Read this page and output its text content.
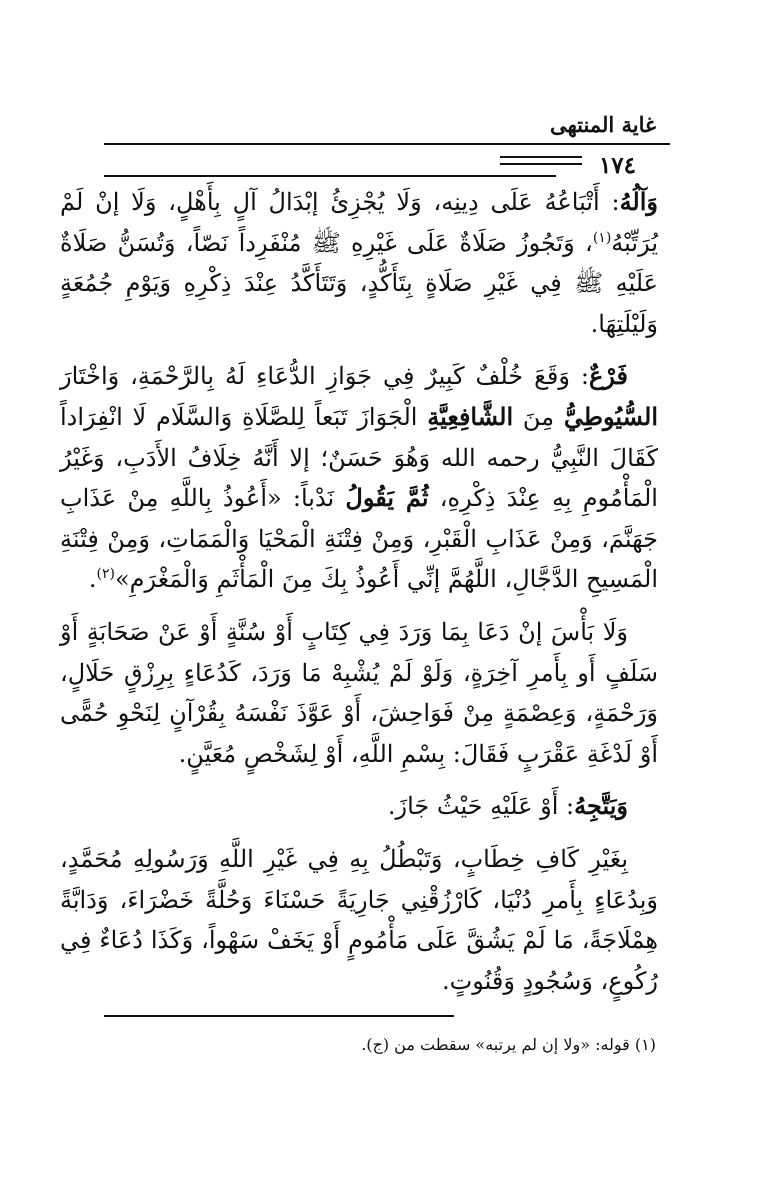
غاية المنتهى
١٧٤

وَآلُهُ: أَتْبَاعُهُ عَلَى دِينِه، وَلَا يُجْزِئُ إبْدَالُ آلٍ بِأَهْلٍ، وَلَا إنْ لَمْ يُرَتِّبْهُ$^{(١)}$، وَتَجُوزُ صَلَاةٌ عَلَى غَيْرِهِ ﷺ مُنْفَرِداً نَصّاً، وَتُسَنُّ صَلَاةٌ عَلَيْهِ ﷺ فِي غَيْرِ صَلَاةٍ بِتَأَكُّدٍ، وَتَتَأَكَّدُ عِنْدَ ذِكْرِهِ وَيَوْمِ جُمُعَةٍ وَلَيْلَتِهَا.

فَرْعٌ: وَقَعَ خُلْفٌ كَبِيرٌ فِي جَوَازِ الدُّعَاءِ لَهُ بِالرَّحْمَةِ، وَاخْتَارَ السُّيُوطِيُّ مِنَ الشَّافِعِيَّةِ الْجَوَازَ تَبَعاً لِلصَّلَاةِ وَالسَّلَام لَا انْفِرَاداً كَقَالَ النَّبِيُّ رحمه الله وَهُوَ حَسَنٌ؛ إلا أَنَّهُ خِلَافُ الأَدَبِ، وَغَيْرُ الْمَأْمُومِ بِهِ عِنْدَ ذِكْرِهِ، ثُمَّ يَقُولُ نَدْباً: «أَعُوذُ بِاللَّهِ مِنْ عَذَابِ جَهَنَّمَ، وَمِنْ عَذَابِ الْقَبْرِ، وَمِنْ فِتْنَةِ الْمَحْيَا وَالْمَمَاتِ، وَمِنْ فِتْنَةِ الْمَسِيحِ الدَّجَّالِ، اللَّهُمَّ إنِّي أَعُوذُ بِكَ مِنَ الْمَأْثَمِ وَالْمَغْرَمِ»$^{(٢)}$.

وَلَا بَأْسَ إنْ دَعَا بِمَا وَرَدَ فِي كِتَابٍ أَوْ سُنَّةٍ أَوْ عَنْ صَحَابَةٍ أَوْ سَلَفٍ أَو بِأَمرِ آخِرَةٍ، وَلَوْ لَمْ يُشْبِهْ مَا وَرَدَ، كَدُعَاءٍ بِرِزْقٍ حَلَالٍ، وَرَحْمَةٍ، وَعِصْمَةٍ مِنْ فَوَاحِشَ، أَوْ عَوَّذَ نَفْسَهُ بِقُرْآنٍ لِنَحْوِ حُمًّى أَوْ لَدْغَةِ عَقْرَبٍ فَقَالَ: بِسْمِ اللَّهِ، أَوْ لِشَخْصٍ مُعَيَّنٍ.

وَيَتَّجِهُ: أَوْ عَلَيْهِ حَيْثُ جَازَ.

بِغَيْرِ كَافِ خِطَابٍ، وَتَبْطُلُ بِهِ فِي غَيْرِ اللَّهِ وَرَسُولِهِ مُحَمَّدٍ، وَبِدُعَاءٍ بِأَمرِ دُنْيَا، كَارْزُقْنِي جَارِيَةً حَسْنَاءَ وَحُلَّةً خَضْرَاءَ، وَدَابَّةً هِمْلَاجَةً، مَا لَمْ يَشُقَّ عَلَى مَأْمُومٍ أَوْ يَخَفْ سَهْواً، وَكَذَا دُعَاءٌ فِي رُكُوعٍ، وَسُجُودٍ وَقُنُوتٍ.

(١) قوله: «ولا إن لم يرتبه» سقطت من (ج).
